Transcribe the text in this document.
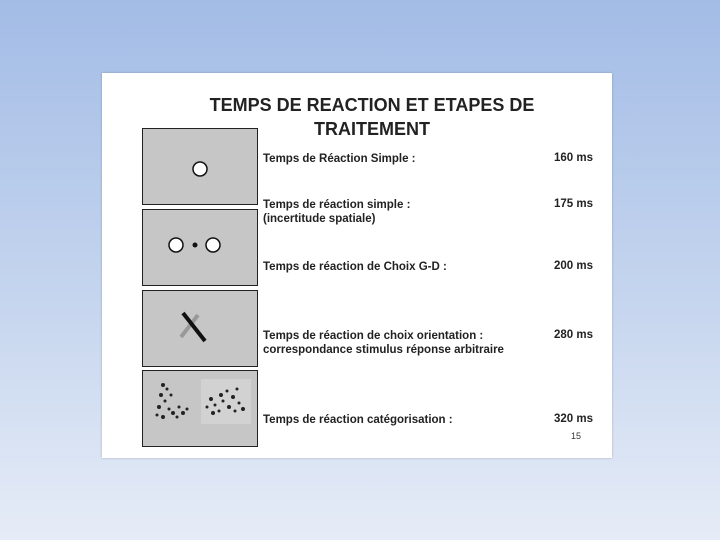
TEMPS DE REACTION ET ETAPES DE
TRAITEMENT
Temps de Réaction Simple :	160 ms
Temps de réaction simple :
(incertitude spatiale)
175 ms
Temps de réaction de Choix G-D :	200 ms
Temps de réaction de choix orientation :
correspondance stimulus réponse arbitraire
280 ms
Temps de réaction catégorisation :	320 ms
15
